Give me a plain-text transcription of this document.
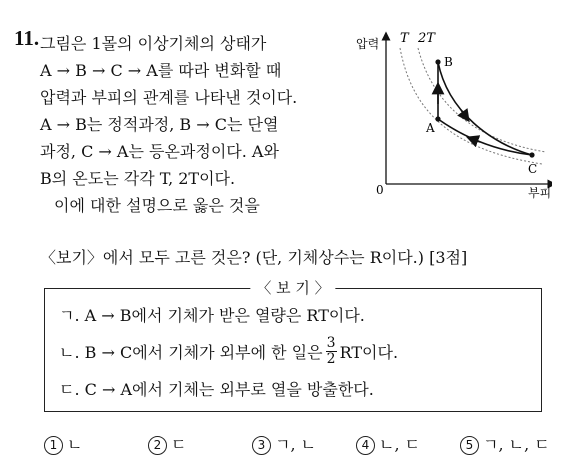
11. 그림은 1몰의 이상기체의 상태가
A → B → C → A를 따라 변화할 때
압력과 부피의 관계를 나타낸 것이다.
A → B는 정적과정, B → C는 단열
과정, C → A는 등온과정이다. A와
B의 온도는 각각 T, 2T이다.
이에 대한 설명으로 옳은 것을
〈보기〉에서 모두 고른 것은? (단, 기체상수는 R이다.) [3점]
압력
부피
0
T 2T
A
B
C
〈 보 기 〉
ㄱ.
A → B에서 기체가 받은 열량은 RT이다.
ㄴ.
B → C에서 기체가 외부에 한 일은 $\frac{3}{2}$ RT이다.
ㄷ.
C → A에서 기체는 외부로 열을 방출한다.
1 ㄴ	2 ㄷ	3 ㄱ, ㄴ	4 ㄴ, ㄷ	5 ㄱ, ㄴ, ㄷ
